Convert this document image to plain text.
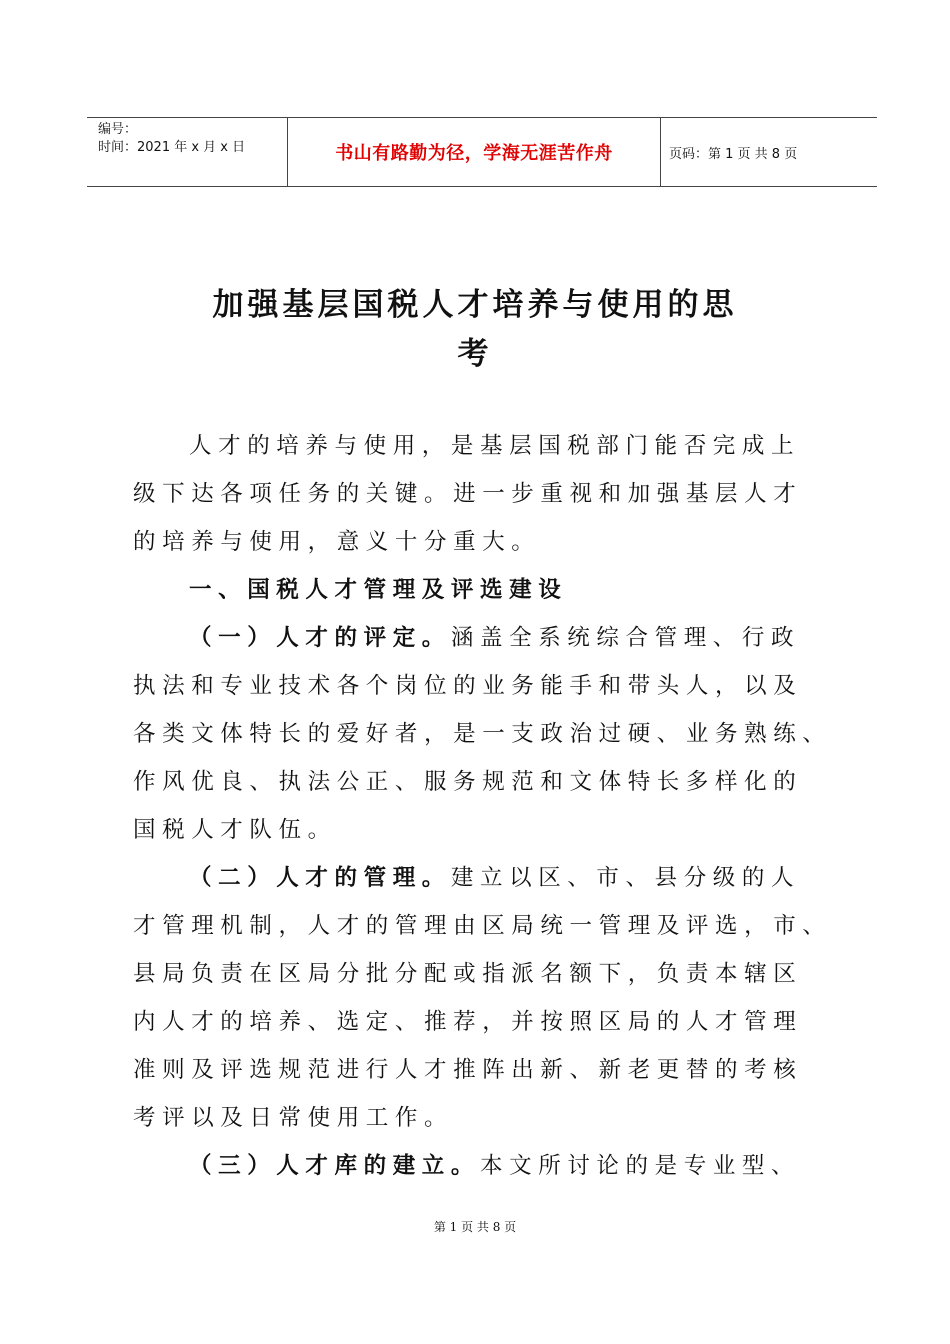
编号：
时间：2021 年 x 月 x 日	书山有路勤为径，学海无涯苦作舟	页码：第 1 页 共 8 页
加强基层国税人才培养与使用的思
考
人才的培养与使用，是基层国税部门能否完成上
级下达各项任务的关键。进一步重视和加强基层人才
的培养与使用，意义十分重大。
一、国税人才管理及评选建设
（一）人才的评定。涵盖全系统综合管理、行政
执法和专业技术各个岗位的业务能手和带头人，以及
各类文体特长的爱好者，是一支政治过硬、业务熟练、
作风优良、执法公正、服务规范和文体特长多样化的
国税人才队伍。
（二）人才的管理。建立以区、市、县分级的人
才管理机制，人才的管理由区局统一管理及评选，市、
县局负责在区局分批分配或指派名额下，负责本辖区
内人才的培养、选定、推荐，并按照区局的人才管理
准则及评选规范进行人才推阵出新、新老更替的考核
考评以及日常使用工作。
（三）人才库的建立。本文所讨论的是专业型、
第 1 页 共 8 页
